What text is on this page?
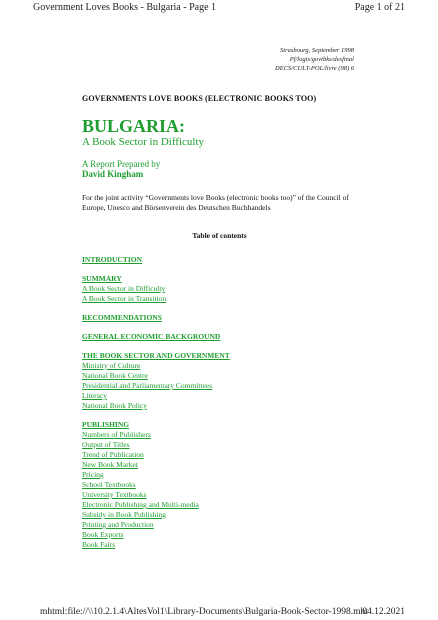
Government Loves Books - Bulgaria - Page 1	Page 1 of 21
Strasbourg, September 1998
Pf/logis/govtbks/desfinal
DECS/CULT-POL/livre (98) 6
GOVERNMENTS LOVE BOOKS (ELECTRONIC BOOKS TOO)
BULGARIA:
A Book Sector in Difficulty
A Report Prepared by
David Kingham
For the joint activity “Governments love Books (electronic books too)” of the Council of Europe, Unesco and Börsenverein des Deutschen Buchhandels
Table of contents
INTRODUCTION
SUMMARY
A Book Sector in Difficulty
A Book Sector in Transition
RECOMMENDATIONS
GENERAL ECONOMIC BACKGROUND
THE BOOK SECTOR AND GOVERNMENT
Ministry of Culture
National Book Centre
Presidential and Parliamentary Committees
Literacy
National Book Policy
PUBLISHING
Numbers of Publishers
Output of Titles
Trend of Publication
New Book Market
Pricing
School Textbooks
University Textbooks
Electronic Publishing and Multi-media
Subsidy in Book Publishing
Printing and Production
Book Exports
Book Fairs
mhtml:file://\\10.2.1.4\AltesVol1\Library-Documents\Bulgaria-Book-Sector-1998.mht
04.12.2021
